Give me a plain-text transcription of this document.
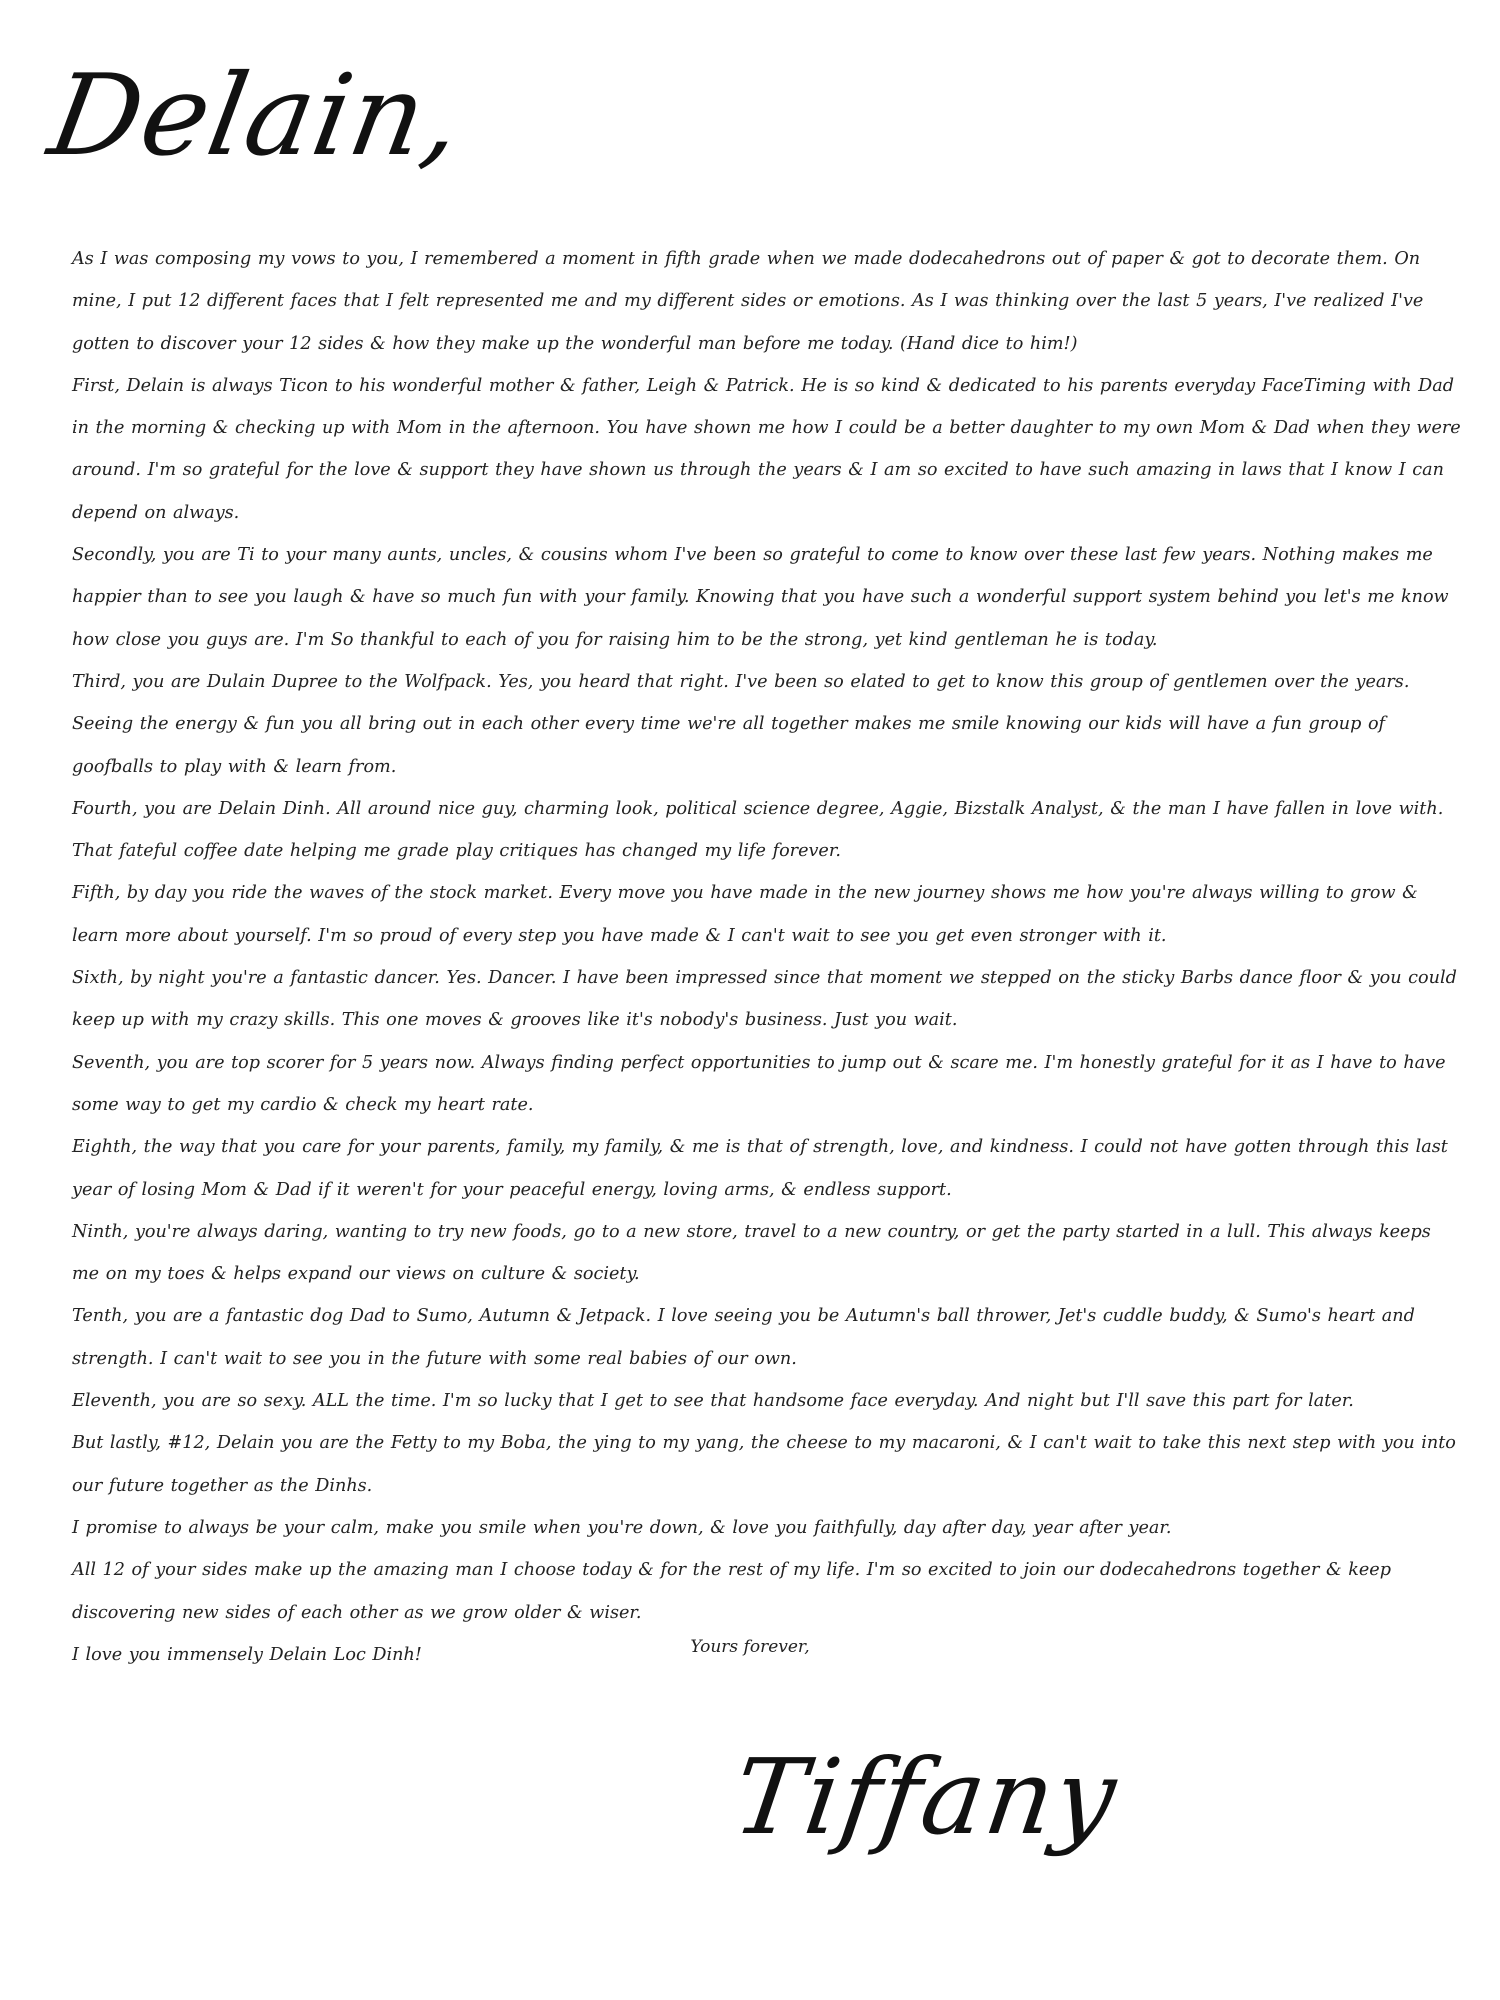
Delain,

As I was composing my vows to you, I remembered a moment in fifth grade when we made dodecahedrons out of paper & got to decorate them. On mine, I put 12 different faces that I felt represented me and my different sides or emotions. As I was thinking over the last 5 years, I've realized I've gotten to discover your 12 sides & how they make up the wonderful man before me today. (Hand dice to him!)

First, Delain is always Ticon to his wonderful mother & father, Leigh & Patrick. He is so kind & dedicated to his parents everyday FaceTiming with Dad in the morning & checking up with Mom in the afternoon. You have shown me how I could be a better daughter to my own Mom & Dad when they were around. I'm so grateful for the love & support they have shown us through the years & I am so excited to have such amazing in laws that I know I can depend on always.

Secondly, you are Ti to your many aunts, uncles, & cousins whom I've been so grateful to come to know over these last few years. Nothing makes me happier than to see you laugh & have so much fun with your family. Knowing that you have such a wonderful support system behind you let's me know how close you guys are. I'm So thankful to each of you for raising him to be the strong, yet kind gentleman he is today.

Third, you are Dulain Dupree to the Wolfpack. Yes, you heard that right. I've been so elated to get to know this group of gentlemen over the years. Seeing the energy & fun you all bring out in each other every time we're all together makes me smile knowing our kids will have a fun group of goofballs to play with & learn from.

Fourth, you are Delain Dinh. All around nice guy, charming look, political science degree, Aggie, Bizstalk Analyst, & the man I have fallen in love with. That fateful coffee date helping me grade play critiques has changed my life forever.

Fifth, by day you ride the waves of the stock market. Every move you have made in the new journey shows me how you're always willing to grow & learn more about yourself. I'm so proud of every step you have made & I can't wait to see you get even stronger with it.

Sixth, by night you're a fantastic dancer. Yes. Dancer. I have been impressed since that moment we stepped on the sticky Barbs dance floor & you could keep up with my crazy skills. This one moves & grooves like it's nobody's business. Just you wait.

Seventh, you are top scorer for 5 years now. Always finding perfect opportunities to jump out & scare me. I'm honestly grateful for it as I have to have some way to get my cardio & check my heart rate.

Eighth, the way that you care for your parents, family, my family, & me is that of strength, love, and kindness. I could not have gotten through this last year of losing Mom & Dad if it weren't for your peaceful energy, loving arms, & endless support.

Ninth, you're always daring, wanting to try new foods, go to a new store, travel to a new country, or get the party started in a lull. This always keeps me on my toes & helps expand our views on culture & society.

Tenth, you are a fantastic dog Dad to Sumo, Autumn & Jetpack. I love seeing you be Autumn's ball thrower, Jet's cuddle buddy, & Sumo's heart and strength. I can't wait to see you in the future with some real babies of our own.

Eleventh, you are so sexy. ALL the time. I'm so lucky that I get to see that handsome face everyday. And night but I'll save this part for later.

But lastly, #12, Delain you are the Fetty to my Boba, the ying to my yang, the cheese to my macaroni, & I can't wait to take this next step with you into our future together as the Dinhs.

I promise to always be your calm, make you smile when you're down, & love you faithfully, day after day, year after year.

All 12 of your sides make up the amazing man I choose today & for the rest of my life. I'm so excited to join our dodecahedrons together & keep discovering new sides of each other as we grow older & wiser.

I love you immensely Delain Loc Dinh!	Yours forever,
Tiffany
